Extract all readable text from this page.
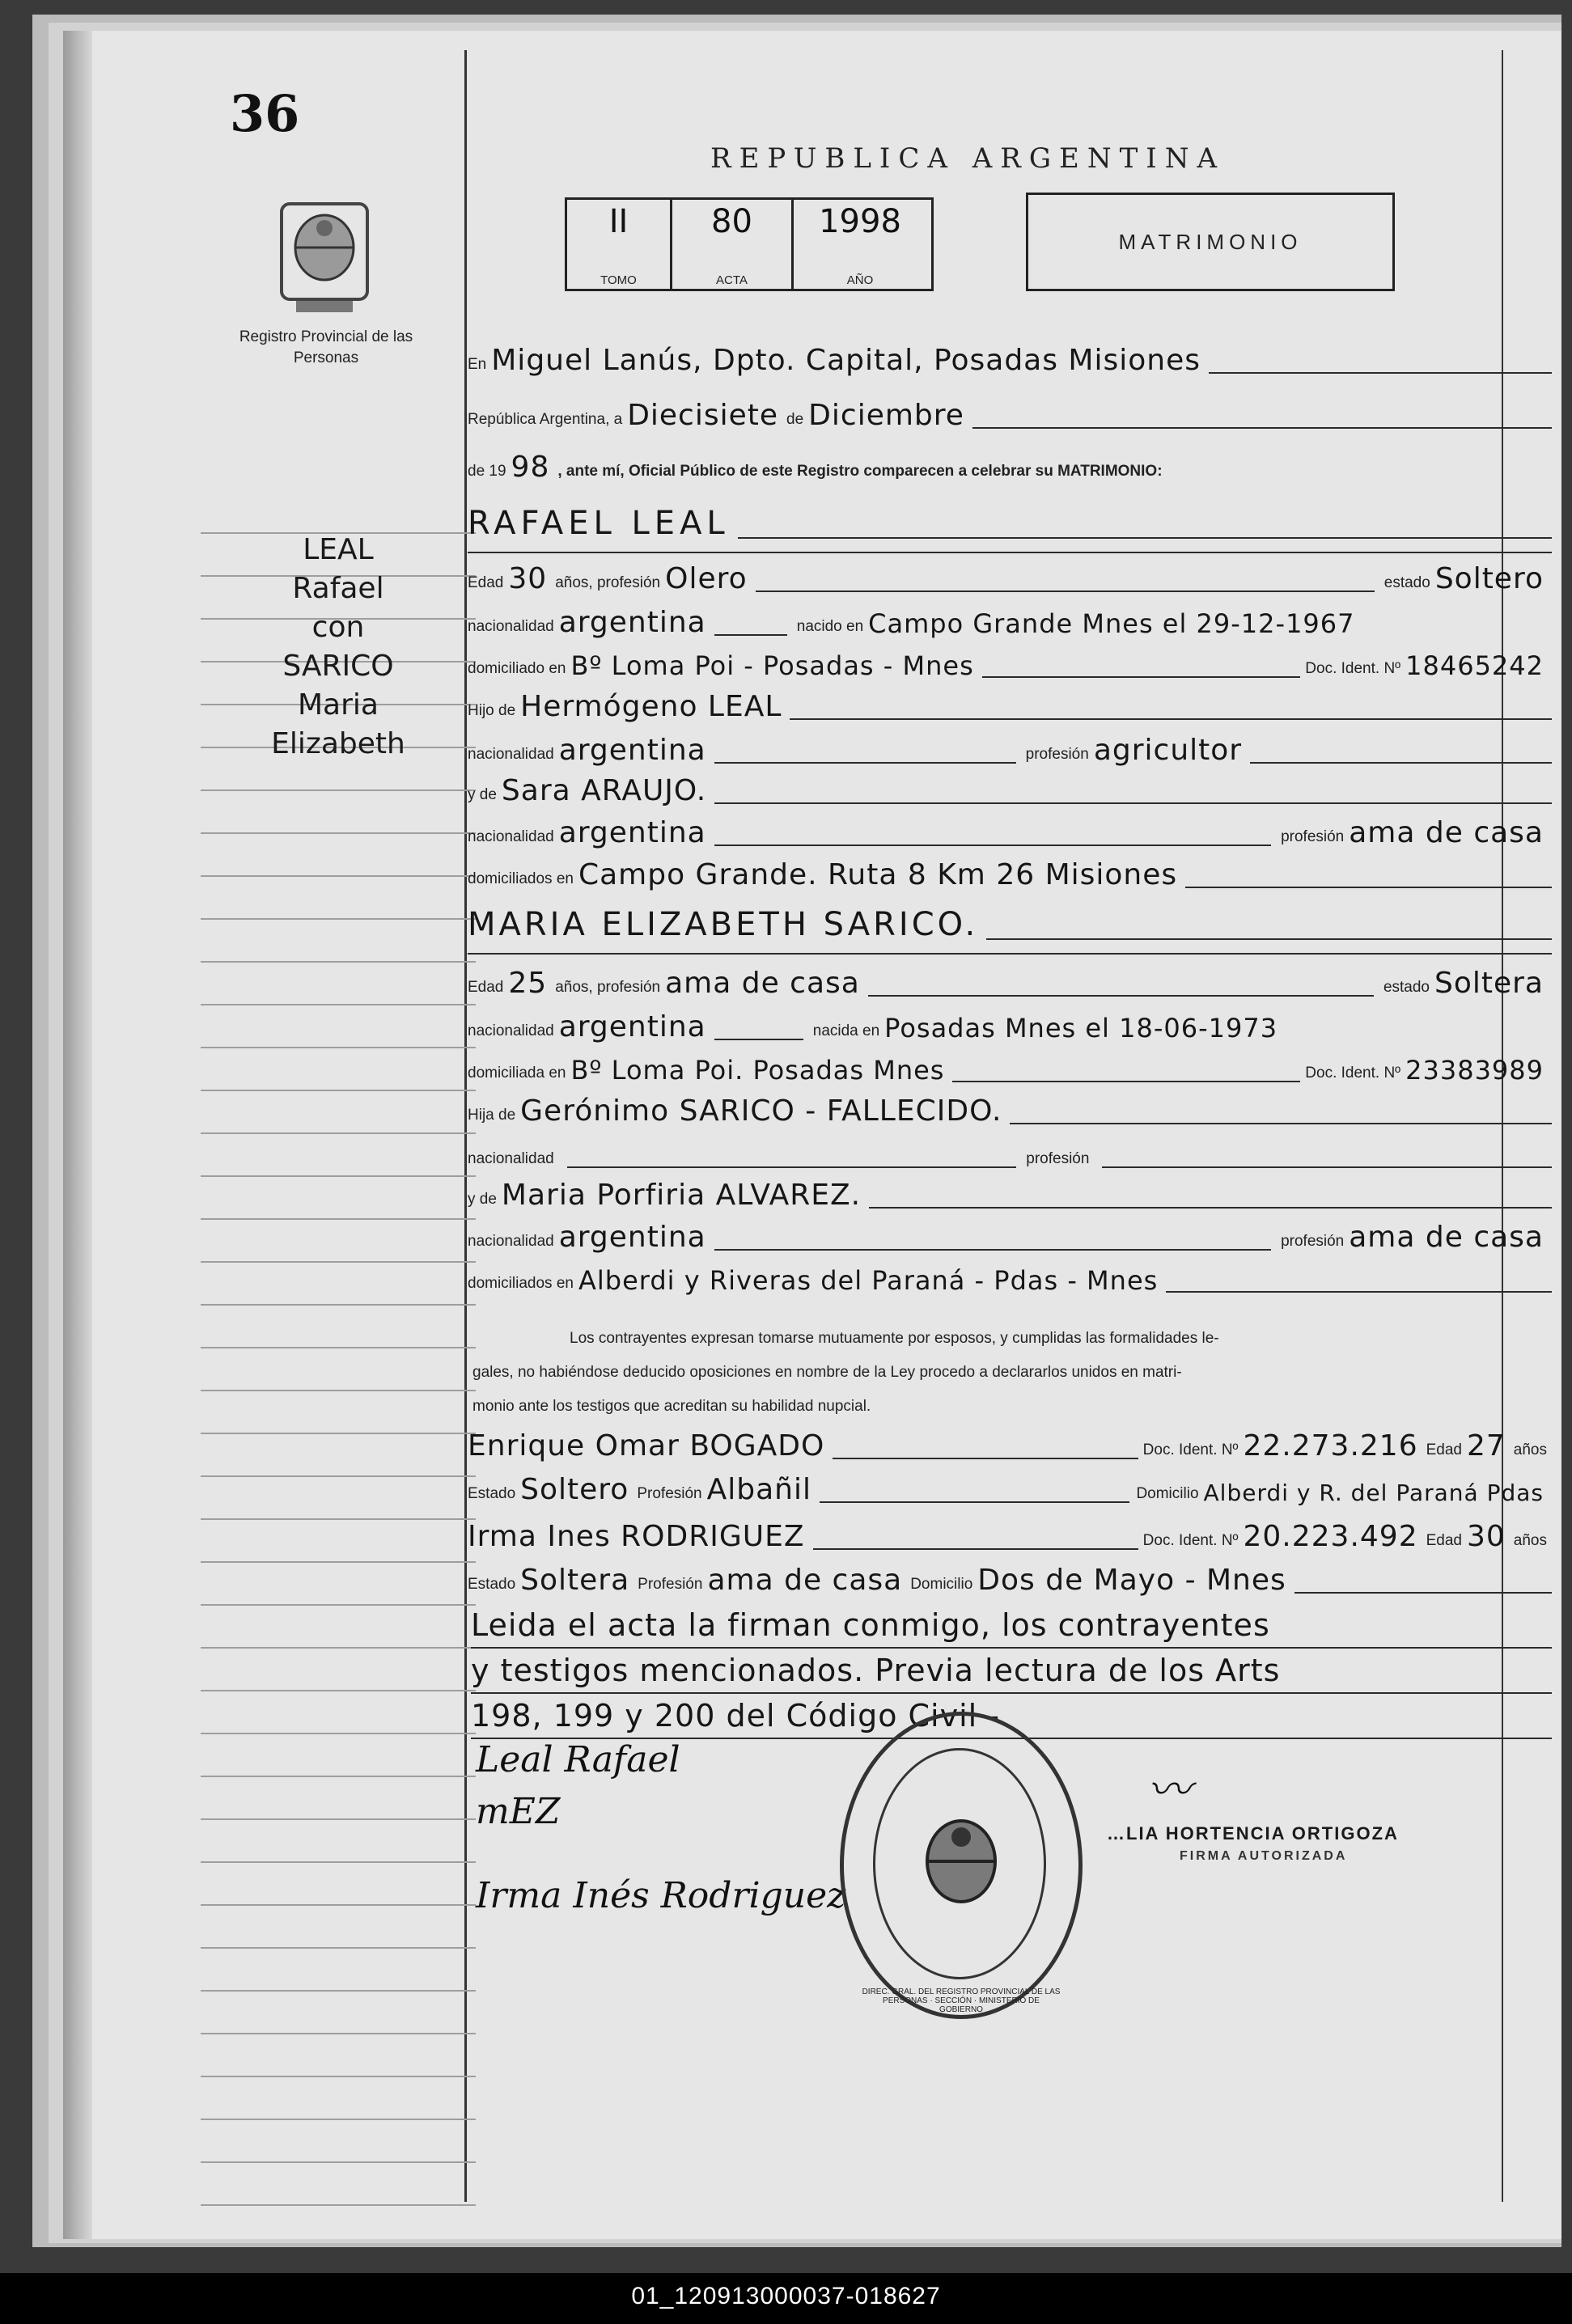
36
Registro Provincial de las Personas
LEAL
Rafael
con
SARICO
Maria
Elizabeth
REPUBLICA ARGENTINA
II
TOMO
80
ACTA
1998
AÑO
MATRIMONIO
En Miguel Lanús, Dpto. Capital, Posadas Misiones
República Argentina, a Diecisiete de Diciembre
de 19 98 , ante mí, Oficial Público de este Registro comparecen a celebrar su MATRIMONIO:
RAFAEL LEAL
Edad 30 años, profesión Olero	estado Soltero
nacionalidad argentina	nacido en Campo Grande Mnes el 29-12-1967
domiciliado en Bº Loma Poi - Posadas - Mnes	Doc. Ident. Nº 18465242
Hijo de Hermógeno LEAL
nacionalidad argentina	profesión agricultor
y de Sara ARAUJO.
nacionalidad argentina	profesión ama de casa
domiciliados en Campo Grande. Ruta 8 Km 26 Misiones
MARIA ELIZABETH SARICO.
Edad 25 años, profesión ama de casa	estado Soltera
nacionalidad argentina	nacida en Posadas Mnes el 18-06-1973
domiciliada en Bº Loma Poi. Posadas Mnes	Doc. Ident. Nº 23383989
Hija de Gerónimo SARICO - FALLECIDO.
nacionalidad	profesión
y de Maria Porfiria ALVAREZ.
nacionalidad argentina	profesión ama de casa
domiciliados en Alberdi y Riveras del Paraná - Pdas - Mnes
Los contrayentes expresan tomarse mutuamente por esposos, y cumplidas las formalidades le-
gales, no habiéndose deducido oposiciones en nombre de la Ley procedo a declararlos unidos en matri-
monio ante los testigos que acreditan su habilidad nupcial.
Enrique Omar BOGADO	Doc. Ident. Nº 22.273.216 Edad 27 años
Estado Soltero Profesión Albañil	Domicilio Alberdi y R. del Paraná Pdas
Irma Ines RODRIGUEZ	Doc. Ident. Nº 20.223.492 Edad 30 años
Estado Soltera Profesión ama de casa Domicilio Dos de Mayo - Mnes
Leida el acta la firman conmigo, los contrayentes
y testigos mencionados. Previa lectura de los Arts
198, 199 y 200 del Código Civil -
Leal Rafael
mEZ
Irma Inés Rodriguez
DIREC. GRAL. DEL REGISTRO PROVINCIAL DE LAS PERSONAS · SECCIÓN · MINISTERIO DE GOBIERNO
〰
…LIA HORTENCIA ORTIGOZA
FIRMA AUTORIZADA
01_120913000037-018627
